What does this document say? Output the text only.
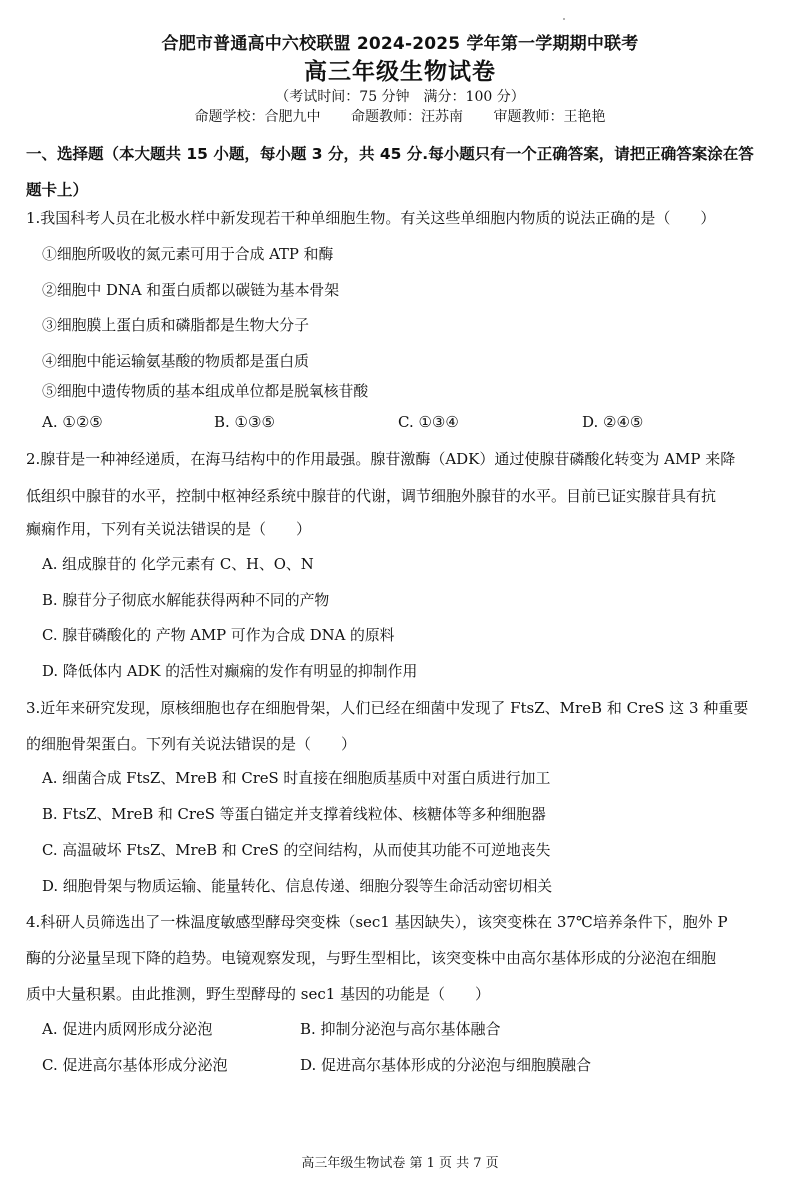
合肥市普通高中六校联盟 2024-2025 学年第一学期期中联考
高三年级生物试卷
（考试时间：75 分钟　满分：100 分）
命题学校：合肥九中 命题教师：汪苏南 审题教师：王艳艳
一、选择题（本大题共 15 小题，每小题 3 分，共 45 分.每小题只有一个正确答案，请把正确答案涂在答
题卡上）
1.我国科考人员在北极水样中新发现若干种单细胞生物。有关这些单细胞内物质的说法正确的是（　　）
①细胞所吸收的氮元素可用于合成 ATP 和酶
②细胞中 DNA 和蛋白质都以碳链为基本骨架
③细胞膜上蛋白质和磷脂都是生物大分子
④细胞中能运输氨基酸的物质都是蛋白质
⑤细胞中遗传物质的基本组成单位都是脱氧核苷酸
A. ①②⑤	B. ①③⑤	C. ①③④	D. ②④⑤
2.腺苷是一种神经递质，在海马结构中的作用最强。腺苷激酶（ADK）通过使腺苷磷酸化转变为 AMP 来降
低组织中腺苷的水平，控制中枢神经系统中腺苷的代谢，调节细胞外腺苷的水平。目前已证实腺苷具有抗
癫痫作用，下列有关说法错误的是（　　）
A. 组成腺苷的 化学元素有 C、H、O、N
B. 腺苷分子彻底水解能获得两种不同的产物
C. 腺苷磷酸化的 产物 AMP 可作为合成 DNA 的原料
D. 降低体内 ADK 的活性对癫痫的发作有明显的抑制作用
3.近年来研究发现，原核细胞也存在细胞骨架，人们已经在细菌中发现了 FtsZ、MreB 和 CreS 这 3 种重要
的细胞骨架蛋白。下列有关说法错误的是（　　）
A. 细菌合成 FtsZ、MreB 和 CreS 时直接在细胞质基质中对蛋白质进行加工
B. FtsZ、MreB 和 CreS 等蛋白锚定并支撑着线粒体、核糖体等多种细胞器
C. 高温破坏 FtsZ、MreB 和 CreS 的空间结构，从而使其功能不可逆地丧失
D. 细胞骨架与物质运输、能量转化、信息传递、细胞分裂等生命活动密切相关
4.科研人员筛选出了一株温度敏感型酵母突变株（sec1 基因缺失），该突变株在 37℃培养条件下，胞外 P
酶的分泌量呈现下降的趋势。电镜观察发现，与野生型相比，该突变株中由高尔基体形成的分泌泡在细胞
质中大量积累。由此推测，野生型酵母的 sec1 基因的功能是（　　）
A. 促进内质网形成分泌泡	B. 抑制分泌泡与高尔基体融合
C. 促进高尔基体形成分泌泡	D. 促进高尔基体形成的分泌泡与细胞膜融合
高三年级生物试卷 第 1 页 共 7 页
